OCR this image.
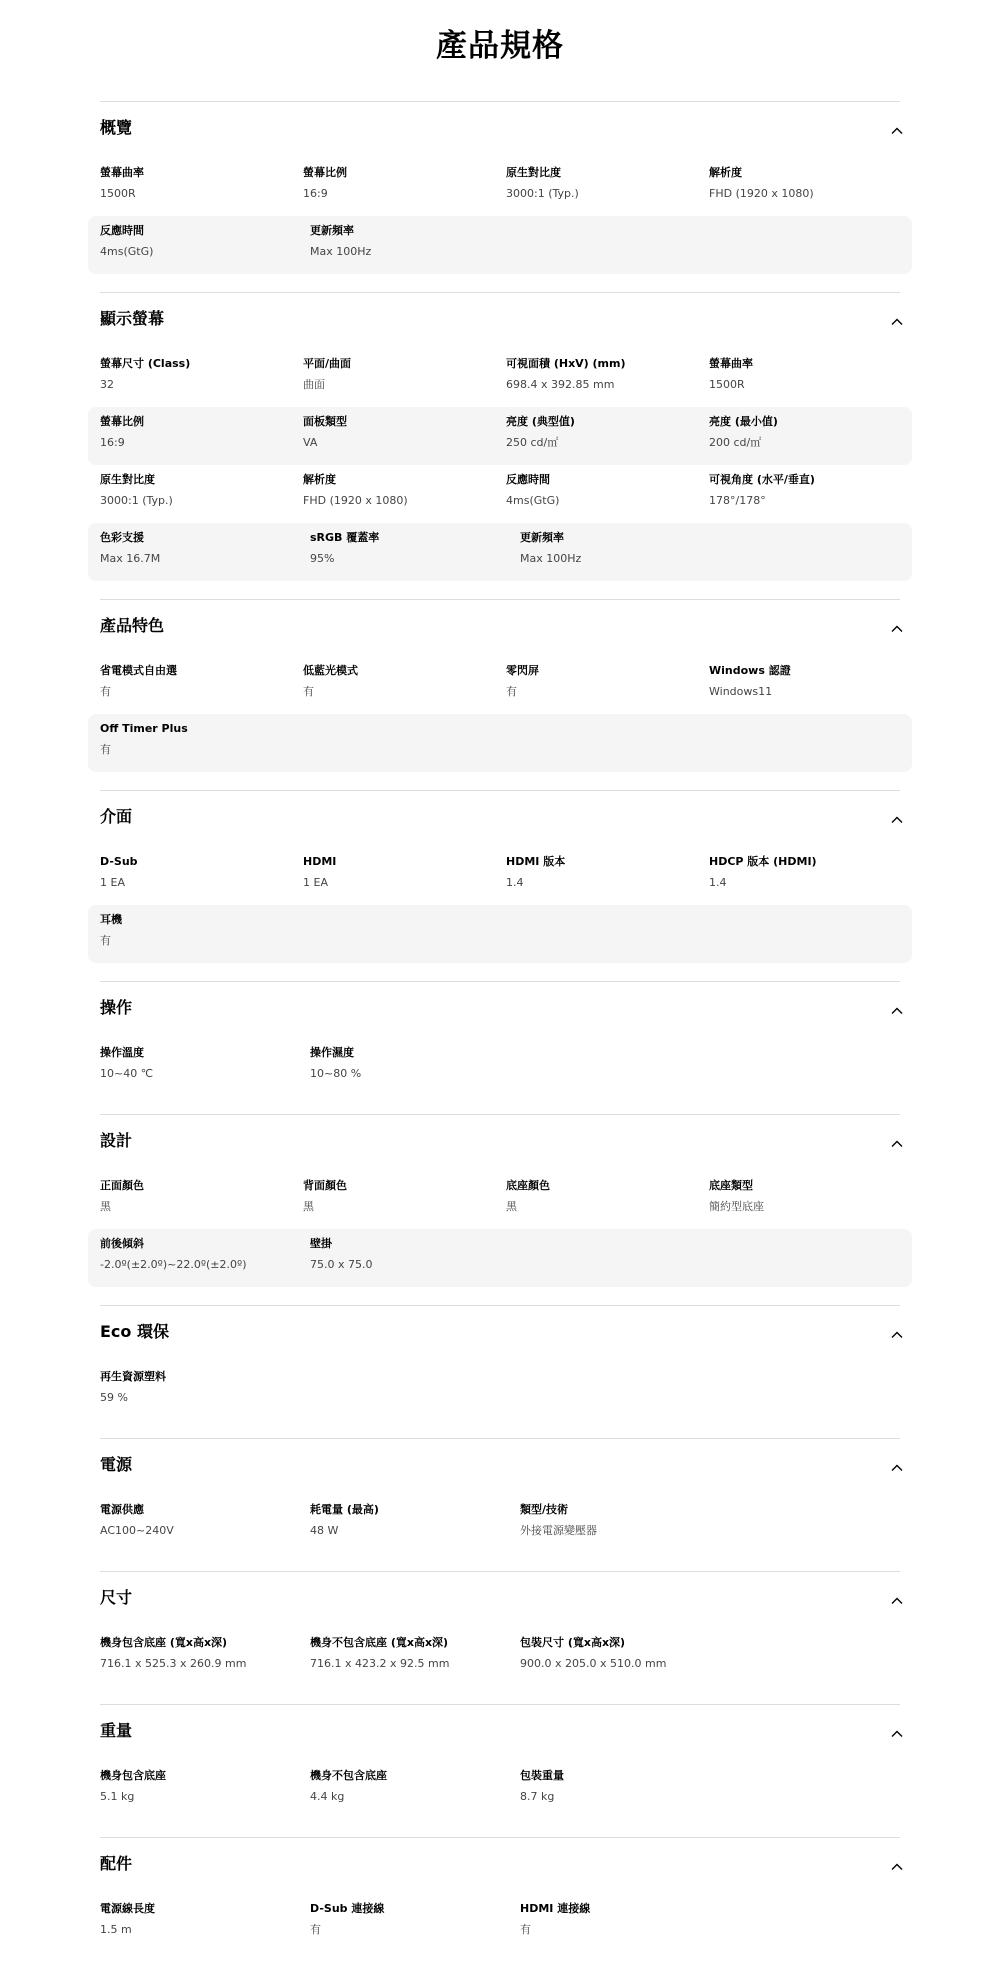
產品規格
概覽
螢幕曲率
1500R
螢幕比例
16:9
原生對比度
3000:1 (Typ.)
解析度
FHD (1920 x 1080)
反應時間
4ms(GtG)
更新頻率
Max 100Hz
顯示螢幕
螢幕尺寸 (Class)
32
平面/曲面
曲面
可視面積 (HxV) (mm)
698.4 x 392.85 mm
螢幕曲率
1500R
螢幕比例
16:9
面板類型
VA
亮度 (典型值)
250 cd/㎡
亮度 (最小值)
200 cd/㎡
原生對比度
3000:1 (Typ.)
解析度
FHD (1920 x 1080)
反應時間
4ms(GtG)
可視角度 (水平/垂直)
178°/178°
色彩支援
Max 16.7M
sRGB 覆蓋率
95%
更新頻率
Max 100Hz
產品特色
省電模式自由選
有
低藍光模式
有
零閃屏
有
Windows 認證
Windows11
Off Timer Plus
有
介面
D-Sub
1 EA
HDMI
1 EA
HDMI 版本
1.4
HDCP 版本 (HDMI)
1.4
耳機
有
操作
操作溫度
10~40 ℃
操作濕度
10~80 %
設計
正面顏色
黑
背面顏色
黑
底座顏色
黑
底座類型
簡約型底座
前後傾斜
-2.0º(±2.0º)~22.0º(±2.0º)
壁掛
75.0 x 75.0
Eco 環保
再生資源塑料
59 %
電源
電源供應
AC100~240V
耗電量 (最高)
48 W
類型/技術
外接電源變壓器
尺寸
機身包含底座 (寬x高x深)
716.1 x 525.3 x 260.9 mm
機身不包含底座 (寬x高x深)
716.1 x 423.2 x 92.5 mm
包裝尺寸 (寬x高x深)
900.0 x 205.0 x 510.0 mm
重量
機身包含底座
5.1 kg
機身不包含底座
4.4 kg
包裝重量
8.7 kg
配件
電源線長度
1.5 m
D-Sub 連接線
有
HDMI 連接線
有
